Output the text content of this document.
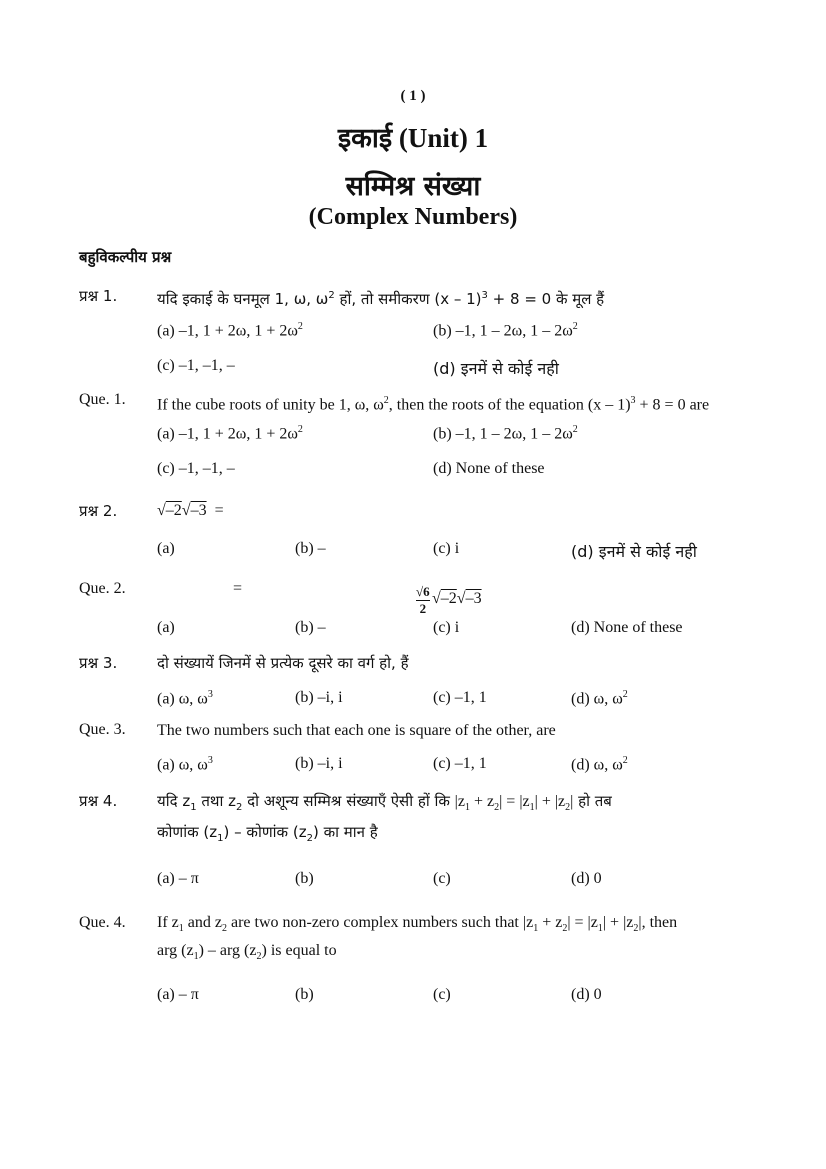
( 1 )
इकाई (Unit) 1
सम्मिश्र संख्या
(Complex Numbers)
बहुविकल्पीय प्रश्न
प्रश्न 1.	यदि इकाई के घनमूल 1, ω, $\omega^2$ हों, तो समीकरण (x – 1)$^3$ + 8 = 0 के मूल हैं
(a) –1, 1 + 2ω, $1 + 2\omega^2$	(b) –1, 1 – 2ω, $1 - 2\omega^2$
(c) –1, –1, –	(d) इनमें से कोई नही
Que. 1. If the cube roots of unity be 1, ω, $\omega^2$, then the roots of the equation (x – 1)$^3$ + 8 = 0 are
(a) –1, 1 + 2ω, $1 + 2\omega^2$	(b) –1, 1 – 2ω, $1 - 2\omega^2$
(c) –1, –1, –	(d) None of these
प्रश्न 2. √–2√–3 =
(a)	(b) –	(c) i	(d) इनमें से कोई नही
Que. 2.	=	√6
2
√–2√–3
(a)	(b) –	(c) i	(d) None of these
प्रश्न 3.	दो संख्यायें जिनमें से प्रत्येक दूसरे का वर्ग हो, हैं
(a) ω, $\omega^3$	(b) –i, i	(c) –1, 1	(d) ω, $\omega^2$
Que. 3. The two numbers such that each one is square of the other, are
(a) ω, $\omega^3$	(b) –i, i	(c) –1, 1	(d) ω, $\omega^2$
प्रश्न 4.	यदि $z_1$ तथा $z_2$ दो अशून्य सम्मिश्र संख्याएँ ऐसी हों कि $|z_1 + z_2| = |z_1| + |z_2|$ हो तब
कोणांक $(z_1)$ – कोणांक $(z_2)$ का मान है
(a) – π	(b)	(c)	(d) 0
Que. 4. If $z_1$ and $z_2$ are two non-zero complex numbers such that $|z_1 + z_2| = |z_1| + |z_2|$, then
arg $(z_1)$ – arg $(z_2)$ is equal to
(a) – π	(b)	(c)	(d) 0
